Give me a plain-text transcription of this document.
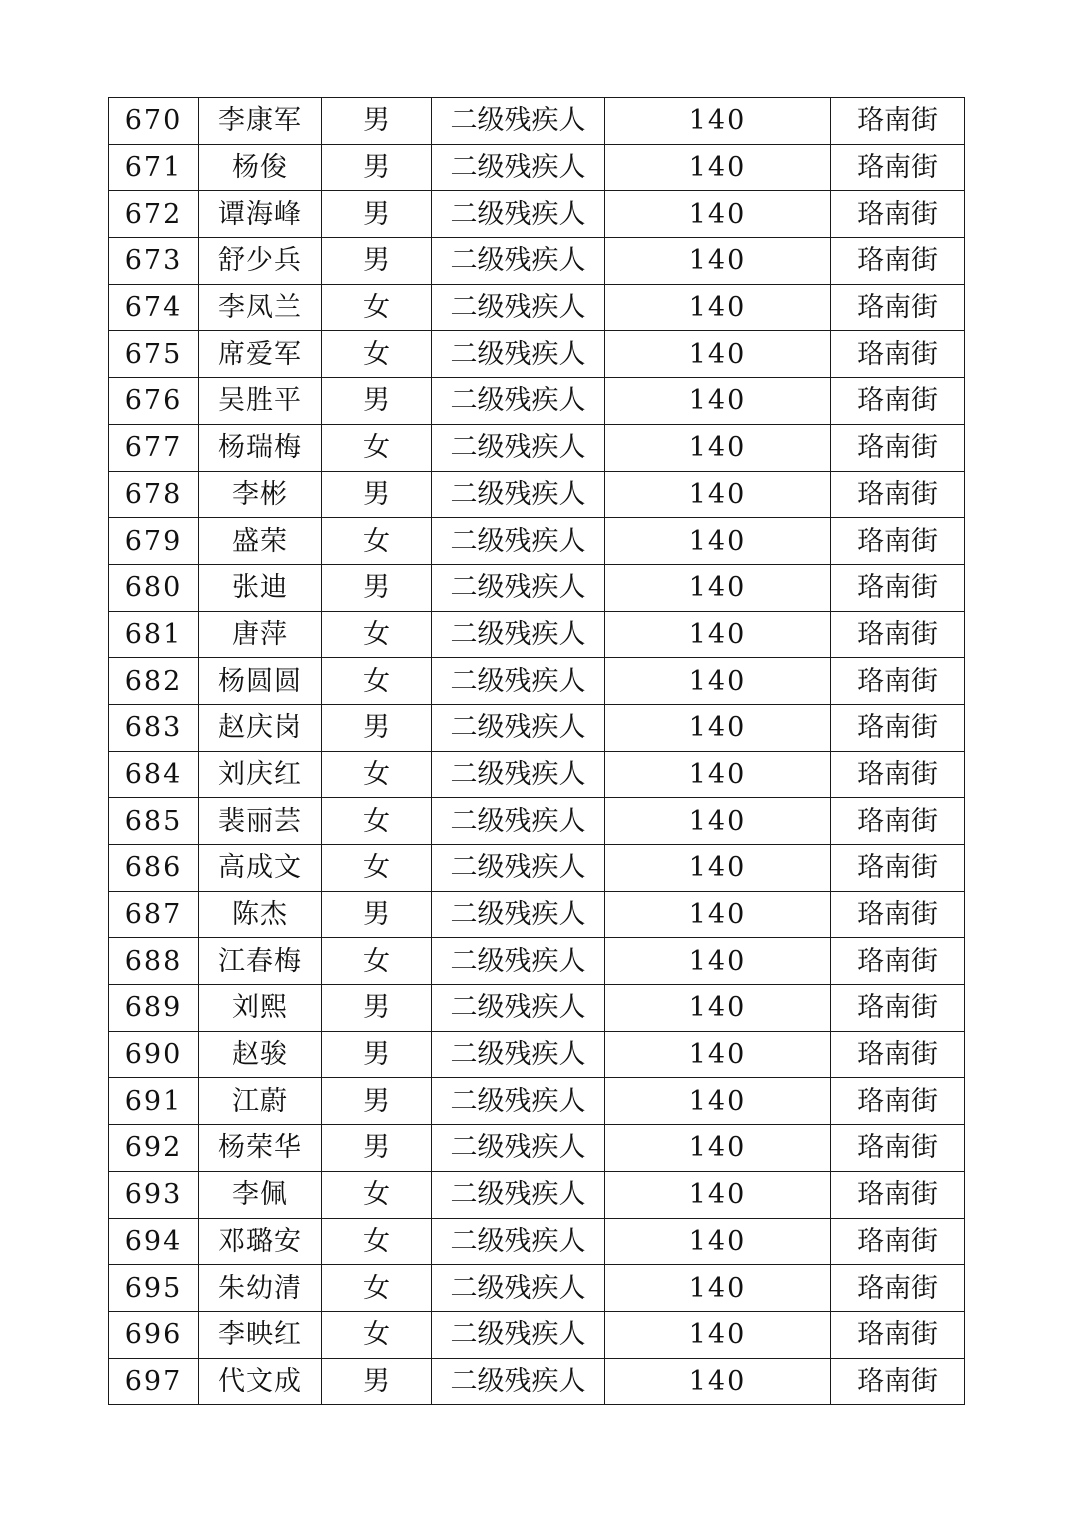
670	李康军	男	二级残疾人	140	珞南街
671	杨俊	男	二级残疾人	140	珞南街
672	谭海峰	男	二级残疾人	140	珞南街
673	舒少兵	男	二级残疾人	140	珞南街
674	李凤兰	女	二级残疾人	140	珞南街
675	席爱军	女	二级残疾人	140	珞南街
676	吴胜平	男	二级残疾人	140	珞南街
677	杨瑞梅	女	二级残疾人	140	珞南街
678	李彬	男	二级残疾人	140	珞南街
679	盛荣	女	二级残疾人	140	珞南街
680	张迪	男	二级残疾人	140	珞南街
681	唐萍	女	二级残疾人	140	珞南街
682	杨圆圆	女	二级残疾人	140	珞南街
683	赵庆岗	男	二级残疾人	140	珞南街
684	刘庆红	女	二级残疾人	140	珞南街
685	裴丽芸	女	二级残疾人	140	珞南街
686	高成文	女	二级残疾人	140	珞南街
687	陈杰	男	二级残疾人	140	珞南街
688	江春梅	女	二级残疾人	140	珞南街
689	刘熙	男	二级残疾人	140	珞南街
690	赵骏	男	二级残疾人	140	珞南街
691	江蔚	男	二级残疾人	140	珞南街
692	杨荣华	男	二级残疾人	140	珞南街
693	李佩	女	二级残疾人	140	珞南街
694	邓璐安	女	二级残疾人	140	珞南街
695	朱幼清	女	二级残疾人	140	珞南街
696	李映红	女	二级残疾人	140	珞南街
697	代文成	男	二级残疾人	140	珞南街
